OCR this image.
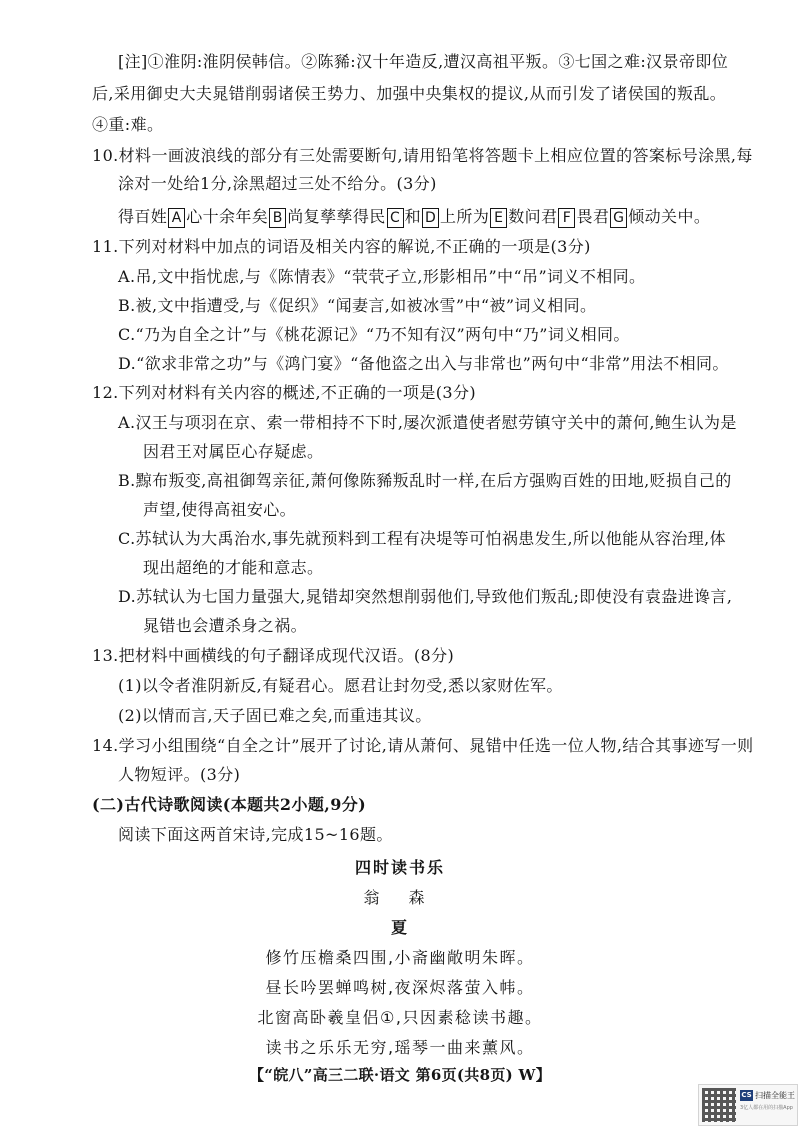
[注]①淮阴:淮阴侯韩信。②陈豨:汉十年造反,遭汉高祖平叛。③七国之难:汉景帝即位
后,采用御史大夫晁错削弱诸侯王势力、加强中央集权的提议,从而引发了诸侯国的叛乱。
④重:难。
10.材料一画波浪线的部分有三处需要断句,请用铅笔将答题卡上相应位置的答案标号涂黑,每
涂对一处给1分,涂黑超过三处不给分。(3分)
得百姓 A 心十余年矣 B 尚复孳孳得民 C 和 D 上所为 E 数问君 F 畏君 G 倾动关中。
11.下列对材料中加点的词语及相关内容的解说,不正确的一项是(3分)
A.吊,文中指忧虑,与《陈情表》“茕茕孑立,形影相吊”中“吊”词义不相同。
B.被,文中指遭受,与《促织》“闻妻言,如被冰雪”中“被”词义相同。
C.“乃为自全之计”与《桃花源记》“乃不知有汉”两句中“乃”词义相同。
D.“欲求非常之功”与《鸿门宴》“备他盗之出入与非常也”两句中“非常”用法不相同。
12.下列对材料有关内容的概述,不正确的一项是(3分)
A.汉王与项羽在京、索一带相持不下时,屡次派遣使者慰劳镇守关中的萧何,鲍生认为是
因君王对属臣心存疑虑。
B.黥布叛变,高祖御驾亲征,萧何像陈豨叛乱时一样,在后方强购百姓的田地,贬损自己的
声望,使得高祖安心。
C.苏轼认为大禹治水,事先就预料到工程有决堤等可怕祸患发生,所以他能从容治理,体
现出超绝的才能和意志。
D.苏轼认为七国力量强大,晁错却突然想削弱他们,导致他们叛乱;即使没有袁盎进谗言,
晁错也会遭杀身之祸。
13.把材料中画横线的句子翻译成现代汉语。(8分)
(1)以令者淮阴新反,有疑君心。愿君让封勿受,悉以家财佐军。
(2)以情而言,天子固已难之矣,而重违其议。
14.学习小组围绕“自全之计”展开了讨论,请从萧何、晁错中任选一位人物,结合其事迹写一则
人物短评。(3分)
(二)古代诗歌阅读(本题共2小题,9分)
阅读下面这两首宋诗,完成15~16题。
四时读书乐
翁 森
夏
修竹压檐桑四围,小斋幽敞明朱晖。
昼长吟罢蝉鸣树,夜深烬落萤入帏。
北窗高卧羲皇侣①,只因素稔读书趣。
读书之乐乐无穷,瑶琴一曲来薰风。
【“皖八”高三二联·语文 第6页(共8页) W】
CS 扫描全能王
3亿人都在用的扫描App
